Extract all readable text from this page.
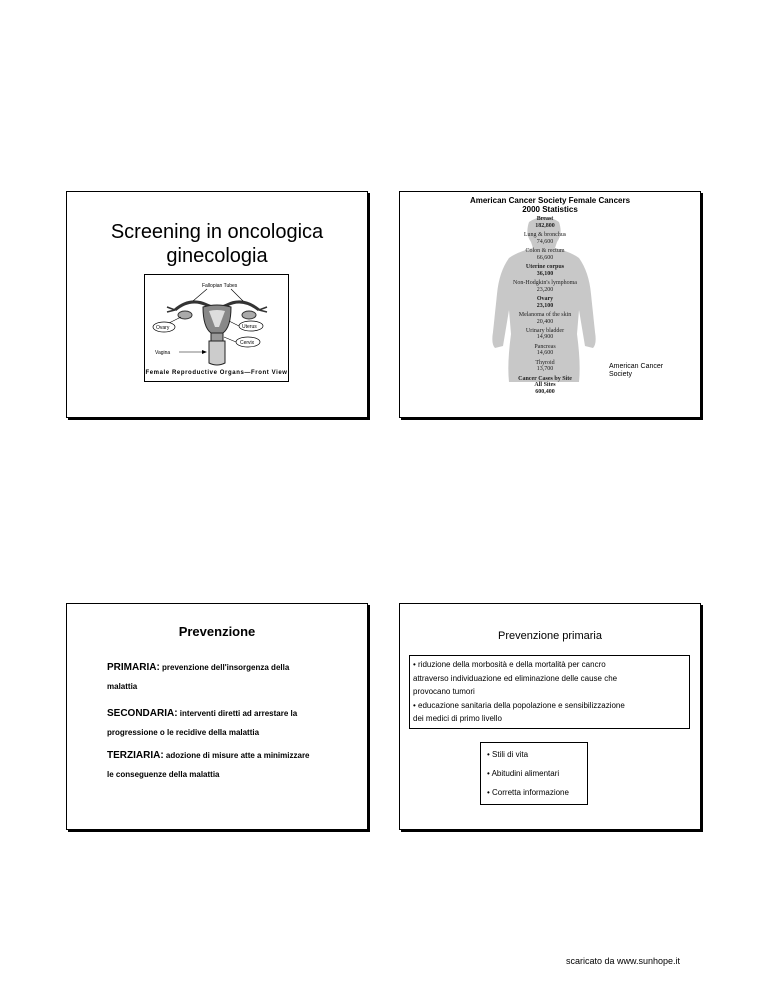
Screening in oncologica
ginecologia
Fallopian Tubes
Ovary	Uterus
Cervix
Vagina
Female Reproductive Organs—Front View
American Cancer Society Female Cancers
2000 Statistics
Breast
182,800
Lung & bronchus
74,600
Colon & rectum
66,600
Uterine corpus
36,100
Non-Hodgkin's lymphoma
23,200
Ovary
23,100
Melanoma of the skin
20,400
Urinary bladder
14,900
Pancreas
14,600
Thyroid
13,700
Cancer Cases by Site
All Sites
600,400
American Cancer
Society
Prevenzione
PRIMARIA: prevenzione dell'insorgenza della
malattia
SECONDARIA: interventi diretti ad arrestare la
progressione o le recidive della malattia
TERZIARIA: adozione di misure atte a minimizzare
le conseguenze della malattia
Prevenzione primaria
• riduzione della morbosità e della mortalità per cancro
attraverso individuazione ed eliminazione delle cause che
provocano tumori
• educazione sanitaria della popolazione e sensibilizzazione
dei medici di primo livello
• Stili di vita
• Abitudini alimentari
• Corretta informazione
scaricato da www.sunhope.it
